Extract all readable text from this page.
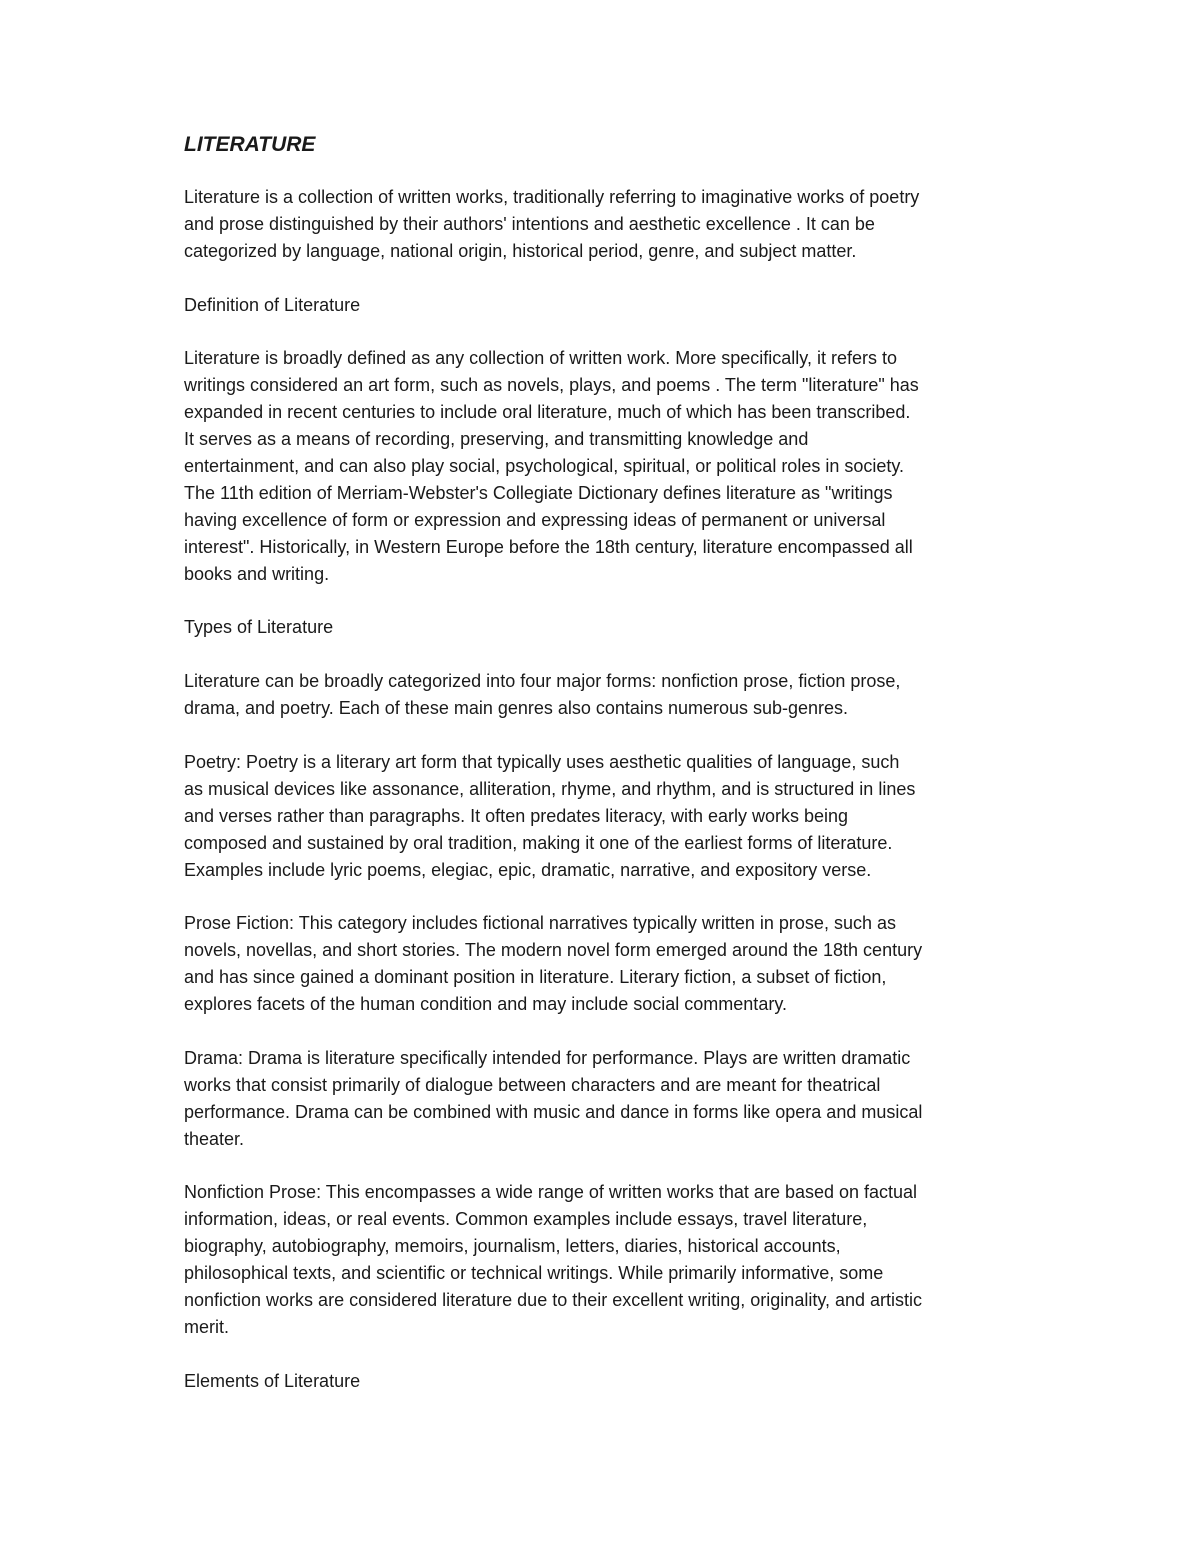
LITERATURE
Literature is a collection of written works, traditionally referring to imaginative works of poetry
and prose distinguished by their authors' intentions and aesthetic excellence . It can be
categorized by language, national origin, historical period, genre, and subject matter.
Definition of Literature
Literature is broadly defined as any collection of written work. More specifically, it refers to
writings considered an art form, such as novels, plays, and poems . The term "literature" has
expanded in recent centuries to include oral literature, much of which has been transcribed.
It serves as a means of recording, preserving, and transmitting knowledge and
entertainment, and can also play social, psychological, spiritual, or political roles in society.
The 11th edition of Merriam-Webster's Collegiate Dictionary defines literature as "writings
having excellence of form or expression and expressing ideas of permanent or universal
interest". Historically, in Western Europe before the 18th century, literature encompassed all
books and writing.
Types of Literature
Literature can be broadly categorized into four major forms: nonfiction prose, fiction prose,
drama, and poetry. Each of these main genres also contains numerous sub-genres.
Poetry: Poetry is a literary art form that typically uses aesthetic qualities of language, such
as musical devices like assonance, alliteration, rhyme, and rhythm, and is structured in lines
and verses rather than paragraphs. It often predates literacy, with early works being
composed and sustained by oral tradition, making it one of the earliest forms of literature.
Examples include lyric poems, elegiac, epic, dramatic, narrative, and expository verse.
Prose Fiction: This category includes fictional narratives typically written in prose, such as
novels, novellas, and short stories. The modern novel form emerged around the 18th century
and has since gained a dominant position in literature. Literary fiction, a subset of fiction,
explores facets of the human condition and may include social commentary.
Drama: Drama is literature specifically intended for performance. Plays are written dramatic
works that consist primarily of dialogue between characters and are meant for theatrical
performance. Drama can be combined with music and dance in forms like opera and musical
theater.
Nonfiction Prose: This encompasses a wide range of written works that are based on factual
information, ideas, or real events. Common examples include essays, travel literature,
biography, autobiography, memoirs, journalism, letters, diaries, historical accounts,
philosophical texts, and scientific or technical writings. While primarily informative, some
nonfiction works are considered literature due to their excellent writing, originality, and artistic
merit.
Elements of Literature
